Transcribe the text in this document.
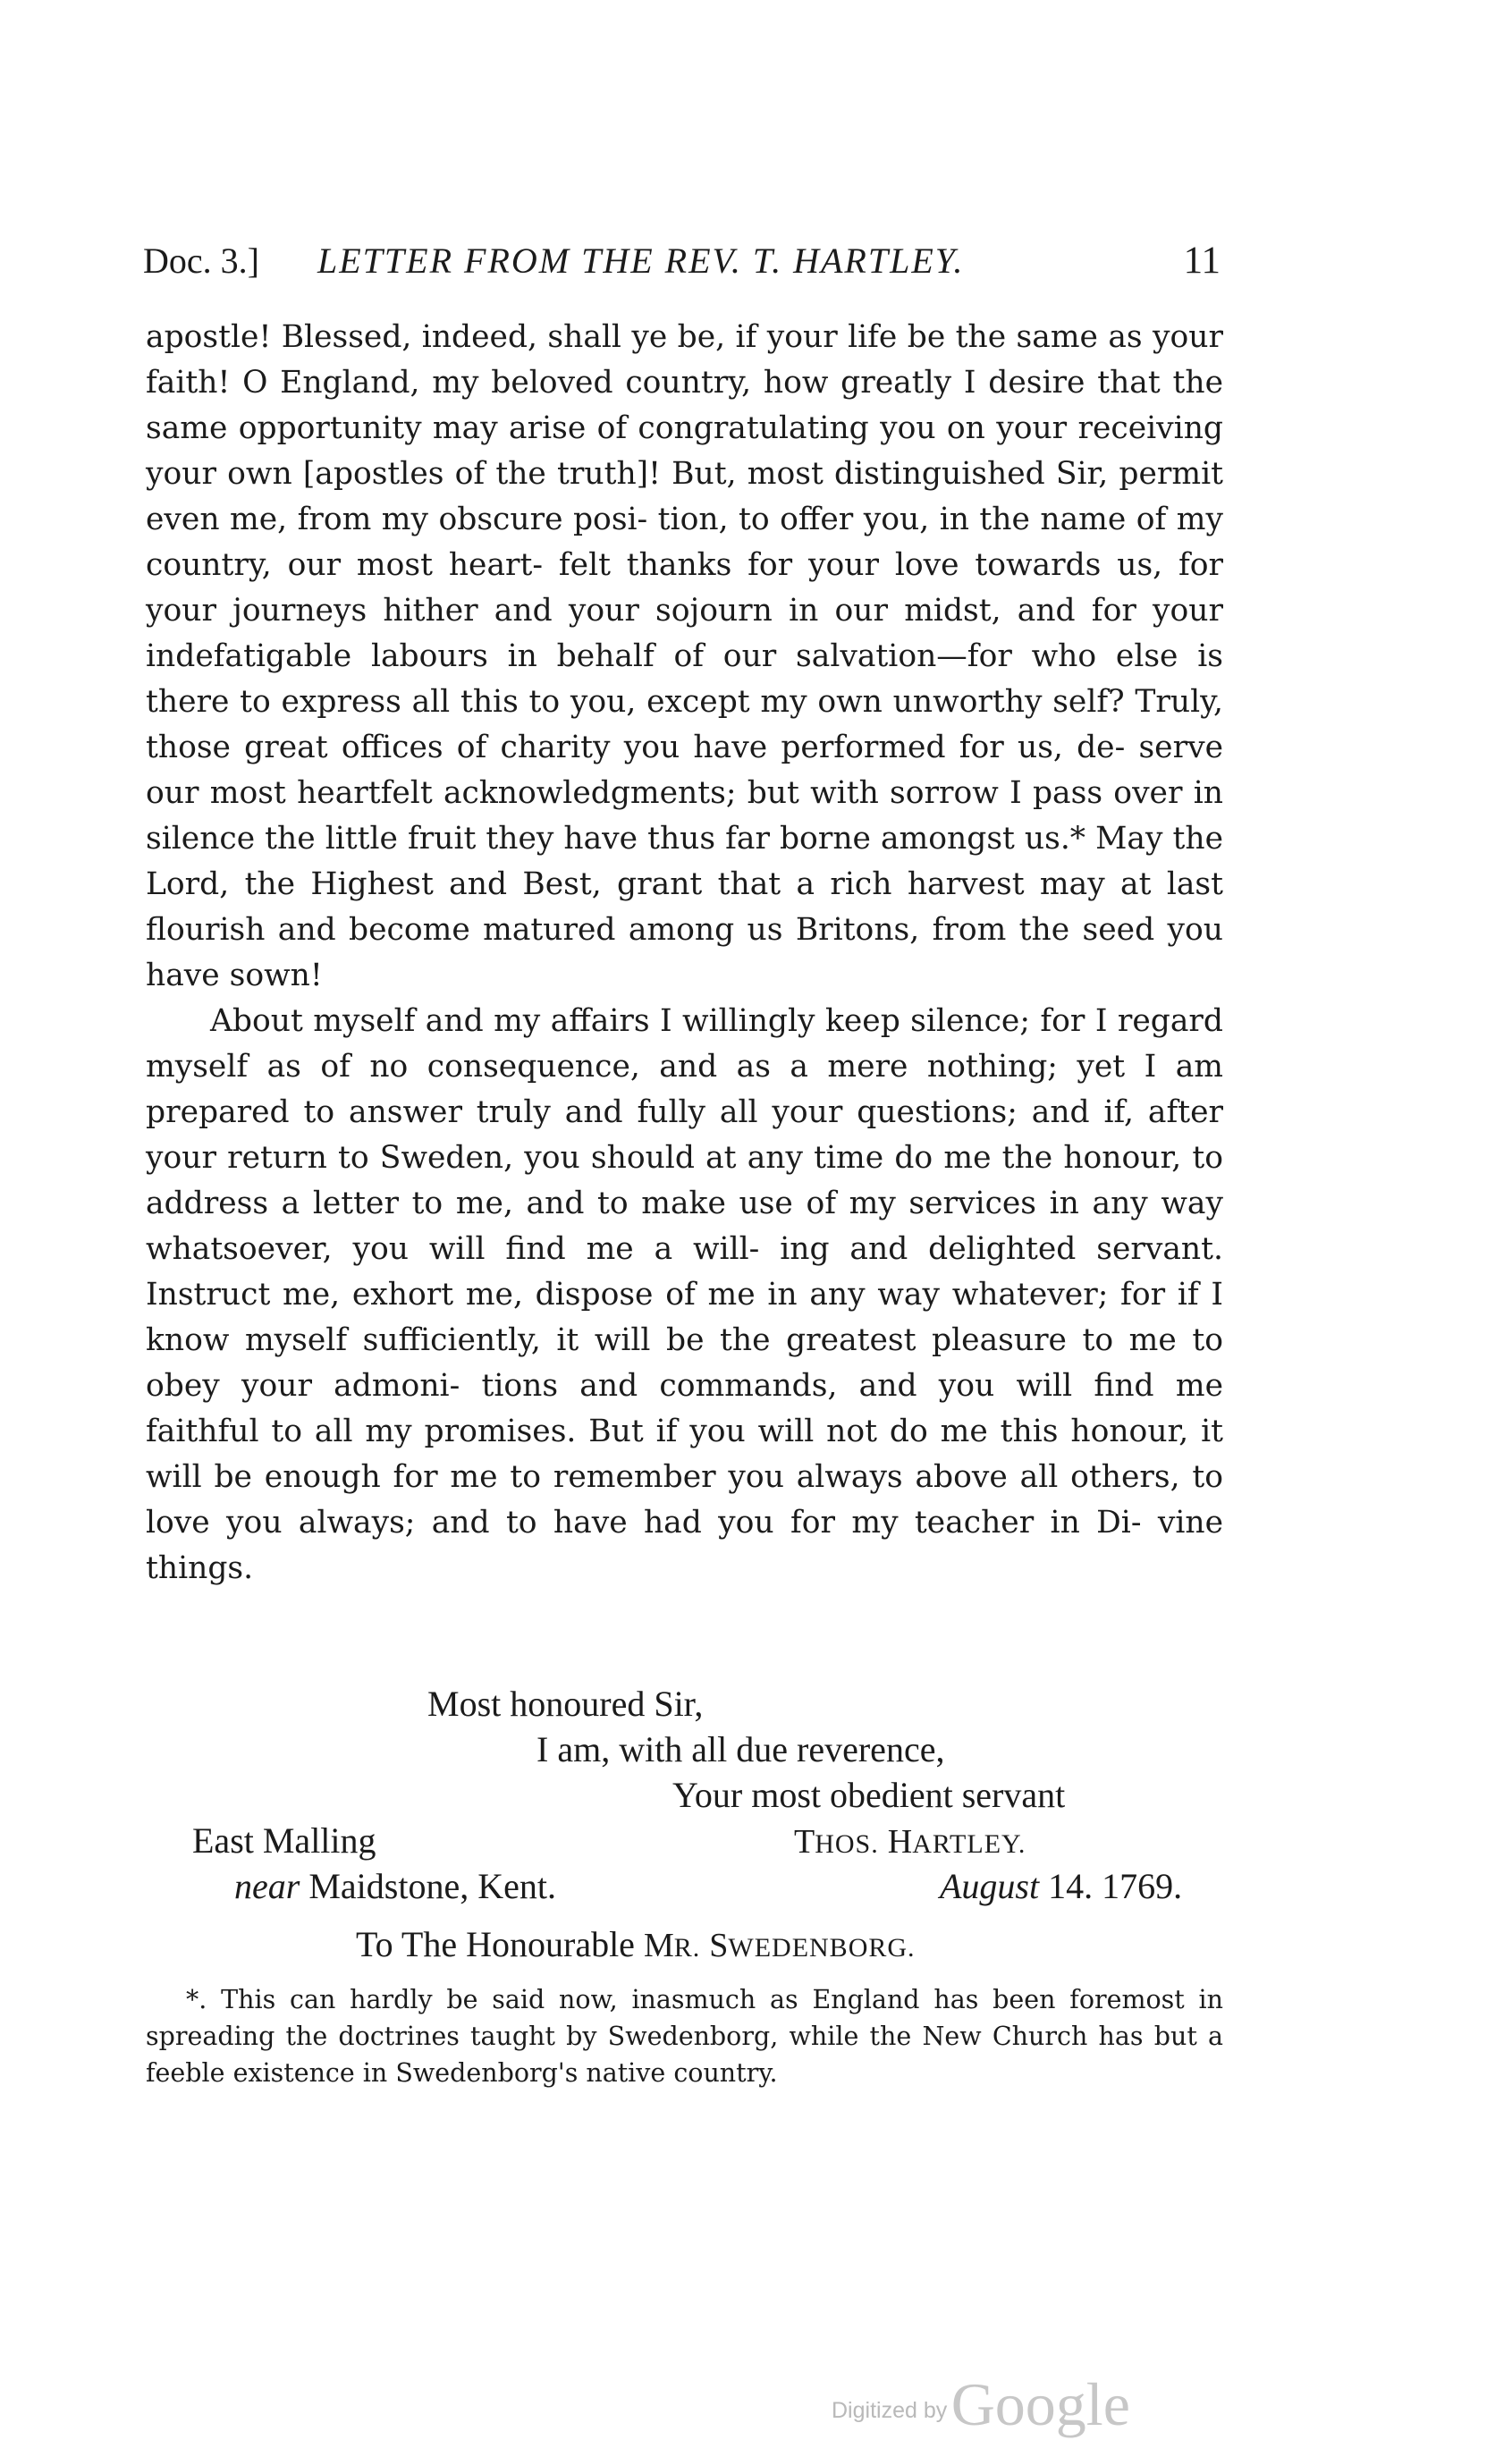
Doc. 3.] LETTER FROM THE REV. T. HARTLEY.	11

apostle! Blessed, indeed, shall ye be, if your life be the same as your faith! O England, my beloved country, how greatly I desire that the same opportunity may arise of congratulating you on your receiving your own [apostles of the truth]! But, most distinguished Sir, permit even me, from my obscure posi- tion, to offer you, in the name of my country, our most heart- felt thanks for your love towards us, for your journeys hither and your sojourn in our midst, and for your indefatigable labours in behalf of our salvation—for who else is there to express all this to you, except my own unworthy self? Truly, those great offices of charity you have performed for us, de- serve our most heartfelt acknowledgments; but with sorrow I pass over in silence the little fruit they have thus far borne amongst us.* May the Lord, the Highest and Best, grant that a rich harvest may at last flourish and become matured among us Britons, from the seed you have sown!

About myself and my affairs I willingly keep silence; for I regard myself as of no consequence, and as a mere nothing; yet I am prepared to answer truly and fully all your questions; and if, after your return to Sweden, you should at any time do me the honour, to address a letter to me, and to make use of my services in any way whatsoever, you will find me a will- ing and delighted servant. Instruct me, exhort me, dispose of me in any way whatever; for if I know myself sufficiently, it will be the greatest pleasure to me to obey your admoni- tions and commands, and you will find me faithful to all my promises. But if you will not do me this honour, it will be enough for me to remember you always above all others, to love you always; and to have had you for my teacher in Di- vine things.

Most honoured Sir,
I am, with all due reverence,
Your most obedient servant
East Malling	THOS. HARTLEY.
near Maidstone, Kent.	August 14. 1769.
To The Honourable MR. SWEDENBORG.
*. This can hardly be said now, inasmuch as England has been foremost in spreading the doctrines taught by Swedenborg, while the New Church has but a feeble existence in Swedenborg's native country.
Digitized by Google
